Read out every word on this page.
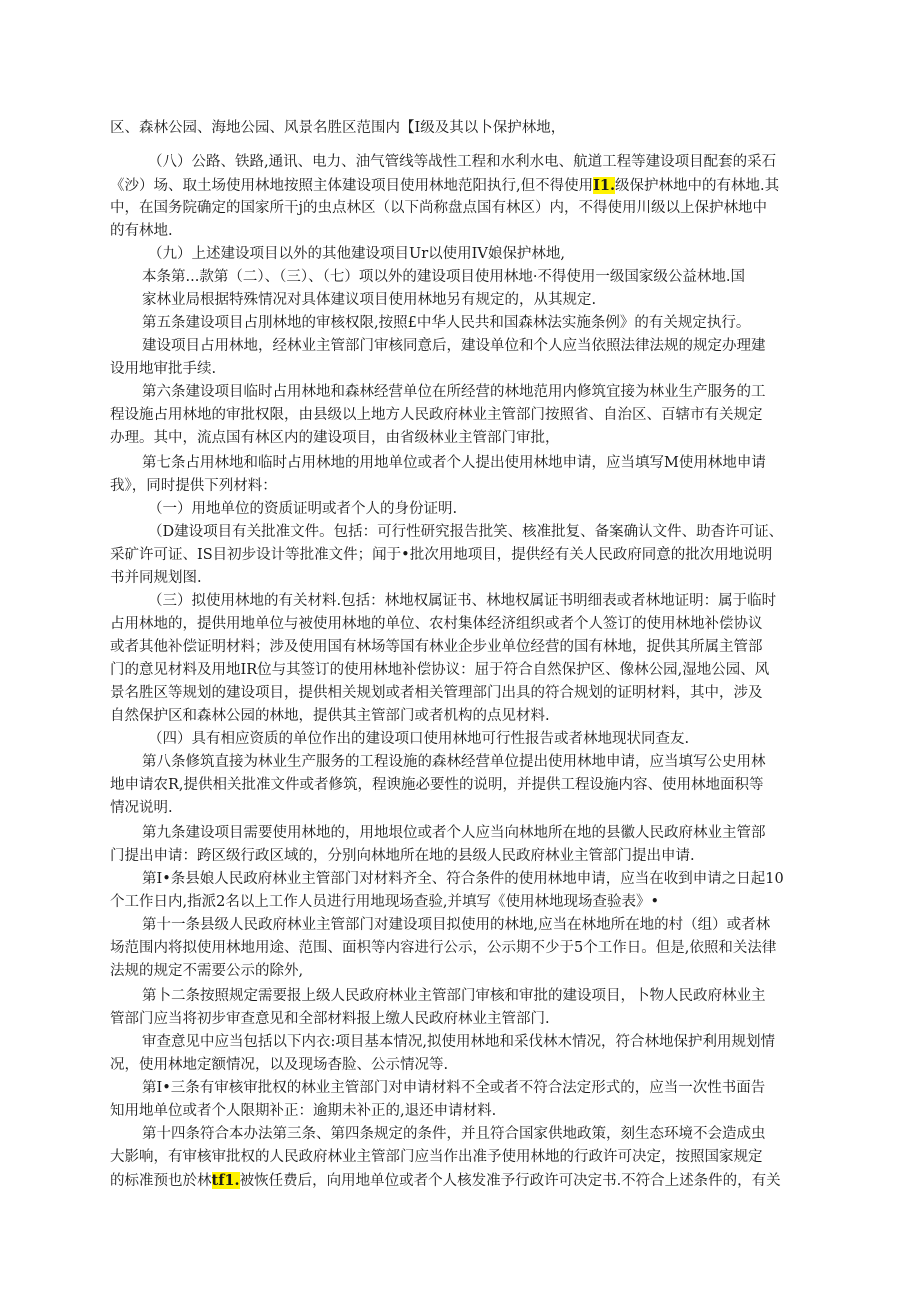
区、森林公园、海地公园、风景名胜区范围内【I级及其以卜保护林地，

（八）公路、铁路,通讯、电力、油气管线等战性工程和水利水电、航道工程等建设项目配套的采石

《沙）场、取土场使用林地按照主体建设项目使用林地范阳执行,但不得使用I1.级保护林地中的有林地.其

中，在国务院确定的国家所干j的虫点林区（以下尚称盘点国有林区）内，不得使用川级以上保护林地中

的有林地.

（九）上述建设项目以外的其他建设项目Ur以使用IV娘保护林地,

本条第...款第（二）、（三）、（七）项以外的建设项目使用林地·不得使用一级国家级公益林地.国

家林业局根据特殊情况对具体建议项目使用林地另有规定的，从其规定.

第五条建设项目占刖林地的审核权限,按照£中华人民共和国森林法实施条例》的有关规定执行。

建设项目占用林地，经林业主管部门审核同意后，建设单位和个人应当依照法律法规的规定办理建

设用地审批手续.

第六条建设项目临时占用林地和森林经营单位在所经营的林地范用内修筑宜接为林业生产服务的工

程设施占用林地的审批权限，由县级以上地方人民政府林业主管部门按照省、自治区、百辖市有关规定

办理。其中，流点国有林区内的建设项目，由省级林业主管部门审批，

第七条占用林地和临时占用林地的用地单位或者个人提出使用林地申请，应当填写M使用林地申请

我》，同时提供下列材料：

（一）用地单位的资质证明或者个人的身份证明.

（D建设项目有关批准文件。包括：可行性研究报告批笑、核准批复、备案确认文件、助杳许可证、

采矿许可证、IS目初步设计等批准文件；闻于•批次用地项目，提供经有关人民政府同意的批次用地说明

书并同规划图.

（三）拟使用林地的有关材料.包括：林地权属证书、林地权属证书明细表或者林地证明：属于临时

占用林地的，提供用地单位与被使用林地的单位、农村集体经济组织或者个人签订的使用林地补偿协议

或者其他补偿证明材料；涉及使用国有林场等国有林业企步业单位经营的国有林地，捉供其所属主管部

门的意见材料及用地IR位与其签订的使用林地补偿协议：屈于符合自然保护区、像林公园,湿地公园、风

景名胜区等规划的建设项目，提供相关规划或者相关管理部门出具的符合规划的证明材料，其中，涉及

自然保护区和森林公园的林地，提供其主管部门或者机构的点见材料.

（四）具有相应资质的单位作出的建设项口使用林地可行性报告或者林地现状同查友.

第八条修筑直接为林业生产服务的工程设施的森林经营单位提出使用林地申请，应当填写公史用林

地申请农R,提供相关批准文件或者修筑，程谀施必要性的说明，并提供工程设施内容、使用林地面积等

情况说明.

第九条建设项目需要使用林地的，用地垠位或者个人应当向林地所在地的县徽人民政府林业主管部

门提出申请：跨区级行政区域的，分别向林地所在地的县级人民政府林业主管部门提出申请.

第I•条县娘人民政府林业主管部门对材料齐全、符合条件的使用林地申请，应当在收到申请之日起10

个工作日内,指派2名以上工作人员进行用地现场查验,并填写《使用林地现场查验表》•

第十一条县级人民政府林业主管部门对建设项目拟使用的林地,应当在林地所在地的村（组）或者林

场范围内将拟使用林地用途、范围、面枳等内容进行公示，公示期不少于5个工作日。但是,依照和关法律

法规的规定不需要公示的除外,

第卜二条按照规定需要报上级人民政府林业主管部门审核和审批的建设项目，卜物人民政府林业主

管部门应当将初步审查意见和全部材料报上缴人民政府林业主管部门.

审查意见中应当包括以下内衣:项目基本情况,拟使用林地和采伐林木情况，符合林地保护利用规划情

况，使用林地定额情况，以及现场杳脸、公示情况等.

第I•三条有审核审批权的林业主管部门对申请材料不全或者不符合法定形式的，应当一次性书面告

知用地单位或者个人限期补正：逾期未补正的,退还申请材料.

第十四条符合本办法第三条、第四条规定的条件，并且符合国家供地政策，刻生态环境不会造成虫

大影响，有审核审批权的人民政府林业主管部门应当作出准予使用林地的行政许可决定，按照国家规定

的标准预也於林tf1.被恢任费后，向用地单位或者个人核发准予行政许可决定书.不符合上述条件的，有关
